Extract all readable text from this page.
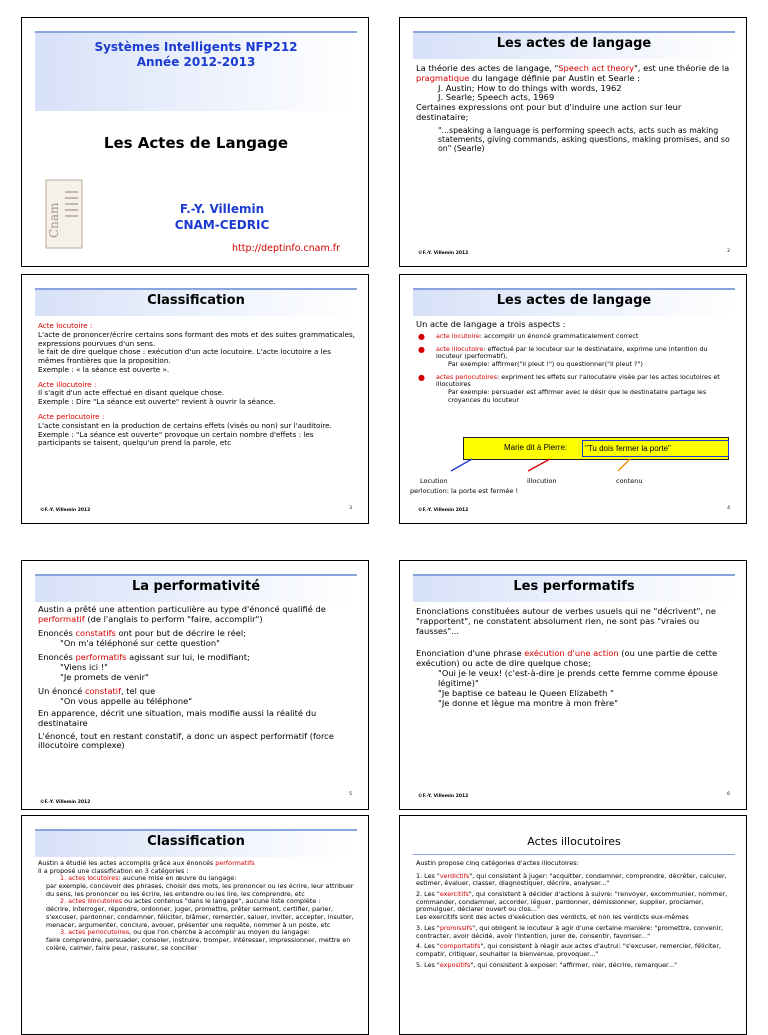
Systèmes Intelligents NFP212
Année 2012-2013
Les Actes de Langage
Cnam	F.-Y. Villemin
CNAM-CEDRIC
http://deptinfo.cnam.fr
Les actes de langage

La théorie des actes de langage, "Speech act theory", est une théorie de la pragmatique du langage définie par Austin et Searle :

J. Austin; How to do things with words, 1962

J. Searle; Speech acts, 1969

Certaines expressions ont pour but d'induire une action sur leur destinataire;

"...speaking a language is performing speech acts, acts such as making statements, giving commands, asking questions, making promises, and so on" (Searle)

©F.-Y. Villemin 2012	2
Classification

Acte locutoire :

L'acte de prononcer/écrire certains sons formant des mots et des suites grammaticales, expressions pourvues d'un sens.

le fait de dire quelque chose : exécution d'un acte locutoire. L'acte locutoire a les mêmes frontières que la proposition.

Exemple : « la séance est ouverte ».

Acte illocutoire :

Il s'agit d'un acte effectué en disant quelque chose.

Exemple : Dire "La séance est ouverte" revient à ouvrir la séance.

Acte perlocutoire :

L'acte consistant en la production de certains effets (visés ou non) sur l'auditoire.

Exemple : "La séance est ouverte" provoque un certain nombre d'effets : les participants se taisent, quelqu'un prend la parole, etc

©F.-Y. Villemin 2012	3
Les actes de langage

Un acte de langage a trois aspects :

● acte locutoire: accomplir un énoncé grammaticalement correct

● acte illocutoire: effectué par le locuteur sur le destinataire, exprime une intention du locuteur (performatif),

Par exemple: affirmer("il pleut !") ou questionner("il pleut ?")

● actes perlocutoires: expriment les effets sur l'allocutaire visée par les actes locutoires et illocutoires

Par exemple: persuader est affirmer avec le désir que le destinataire partage les croyances du locuteur

Marie dit à Pierre:	"Tu dois fermer la porte"
Locution	illocution	contenu
perlocution: la porte est fermée !
©F.-Y. Villemin 2012	4
La performativité

Austin a prêté une attention particulière au type d'énoncé qualifié de performatif (de l'anglais to perform "faire, accomplir")

Enoncés constatifs ont pour but de décrire le réel;

"On m'a téléphoné sur cette question"

Enoncés performatifs agissant sur lui, le modifiant;

"Viens ici !"

"Je promets de venir"

Un énoncé constatif, tel que

"On vous appelle au téléphone"

En apparence, décrit une situation, mais modifie aussi la réalité du destinataire

L'énoncé, tout en restant constatif, a donc un aspect performatif (force illocutoire complexe)

©F.-Y. Villemin 2012
5
Les performatifs

Enonciations constituées autour de verbes usuels qui ne "décrivent", ne "rapportent", ne constatent absolument rien, ne sont pas "vraies ou fausses"...

Enonciation d'une phrase exécution d'une action (ou une partie de cette exécution) ou acte de dire quelque chose;

"Oui je le veux! (c'est-à-dire je prends cette femme comme épouse légitime)"

"Je baptise ce bateau le Queen Elizabeth "

"Je donne et lègue ma montre à mon frère"

©F.-Y. Villemin 2012	6
Classification

Austin a étudié les actes accomplis grâce aux énoncés performatifs

Il a proposé une classification en 3 catégories :

1. actes locutoires: aucune mise en œuvre du langage:

par exemple, concevoir des phrases, choisir des mots, les prononcer ou les écrire, leur attribuer du sens, les prononcer ou les écrire, les entendre ou les lire, les comprendre, etc

2. actes illocutoires ou actes contenus "dans le langage", aucune liste complète :

décrire, interroger, répondre, ordonner, juger, promettre, prêter serment, certifier, parier, s'excuser, pardonner, condamner, féliciter, blâmer, remercier, saluer, inviter, accepter, insulter, menacer, argumenter, conclure, avouer, présenter une requête, nommer à un poste, etc

3. actes perlocutoires, ou que l'on cherche à accomplir au moyen du langage:

faire comprendre, persuader, consoler, instruire, tromper, intéresser, impressionner, mettre en colère, calmer, faire peur, rassurer, se concilier

Actes illocutoires

Austin propose cinq catégories d'actes illocutoires:

1. Les "verdictifs", qui consistent à juger: "acquitter, condamner, comprendre, décréter, calculer, estimer, évaluer, classer, diagnostiquer, décrire, analyser..."

2. Les "exercitifs", qui consistent à décider d'actions à suivre: "renvoyer, excommunier, nommer, commander, condamner, accorder, léguer, pardonner, démissionner, supplier, proclamer, promulguer, déclarer ouvert ou clos..."

Les exercitifs sont des actes d'exécution des verdicts, et non les verdicts eux-mêmes

3. Les "promissifs", qui obligent le locuteur à agir d'une certaine manière: "promettre, convenir, contracter, avoir décidé, avoir l'intention, jurer de, consentir, favoriser..."

4. Les "comportatifs", qui consistent à réagir aux actes d'autrui: "s'excuser, remercier, féliciter, compatir, critiquer, souhaiter la bienvenue, provoquer..."

5. Les "expositifs", qui consistent à exposer: "affirmer, nier, décrire, remarquer..."
